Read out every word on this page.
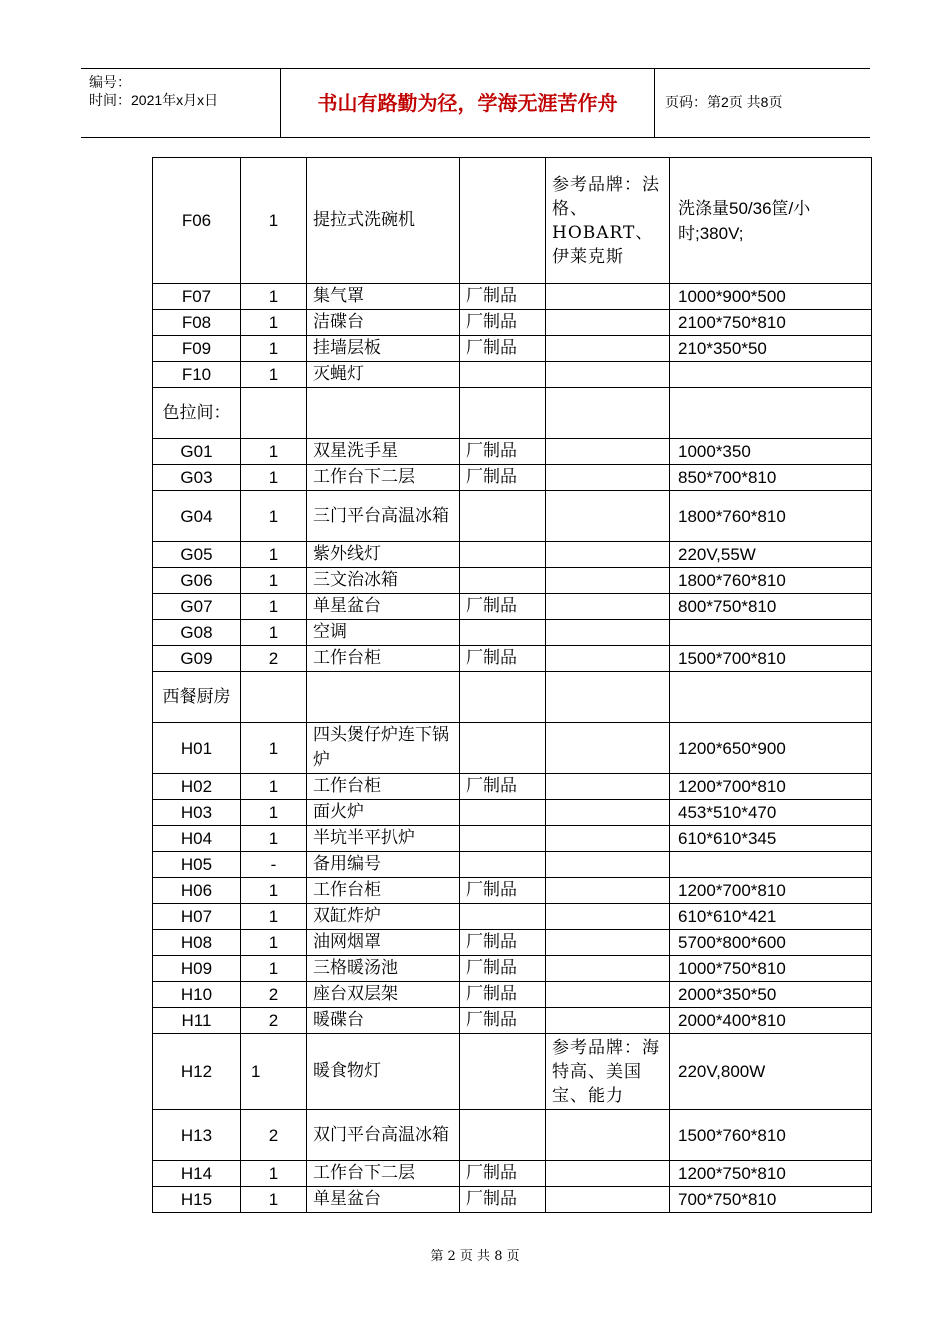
编号：
时间：2021年x月x日	书山有路勤为径，学海无涯苦作舟	页码：第2页 共8页
F06	1	提拉式洗碗机		参考品牌：法格、HOBART、伊莱克斯	洗涤量50/36筐/小时;380V;
F07	1	集气罩	厂制品		1000*900*500
F08	1	洁碟台	厂制品		2100*750*810
F09	1	挂墙层板	厂制品		210*350*50
F10	1	灭蝇灯			
色拉间：					
G01	1	双星洗手星	厂制品		1000*350
G03	1	工作台下二层	厂制品		850*700*810
G04	1	三门平台高温冰箱			1800*760*810
G05	1	紫外线灯			220V,55W
G06	1	三文治冰箱			1800*760*810
G07	1	单星盆台	厂制品		800*750*810
G08	1	空调			
G09	2	工作台柜	厂制品		1500*700*810
西餐厨房					
H01	1	四头煲仔炉连下锅炉			1200*650*900
H02	1	工作台柜	厂制品		1200*700*810
H03	1	面火炉			453*510*470
H04	1	半坑半平扒炉			610*610*345
H05	-	备用编号			
H06	1	工作台柜	厂制品		1200*700*810
H07	1	双缸炸炉			610*610*421
H08	1	油网烟罩	厂制品		5700*800*600
H09	1	三格暖汤池	厂制品		1000*750*810
H10	2	座台双层架	厂制品		2000*350*50
H11	2	暖碟台	厂制品		2000*400*810
H12	1	暖食物灯		参考品牌：海特高、美国宝、能力	220V,800W
H13	2	双门平台高温冰箱			1500*760*810
H14	1	工作台下二层	厂制品		1200*750*810
H15	1	单星盆台	厂制品		700*750*810
第 2 页 共 8 页
